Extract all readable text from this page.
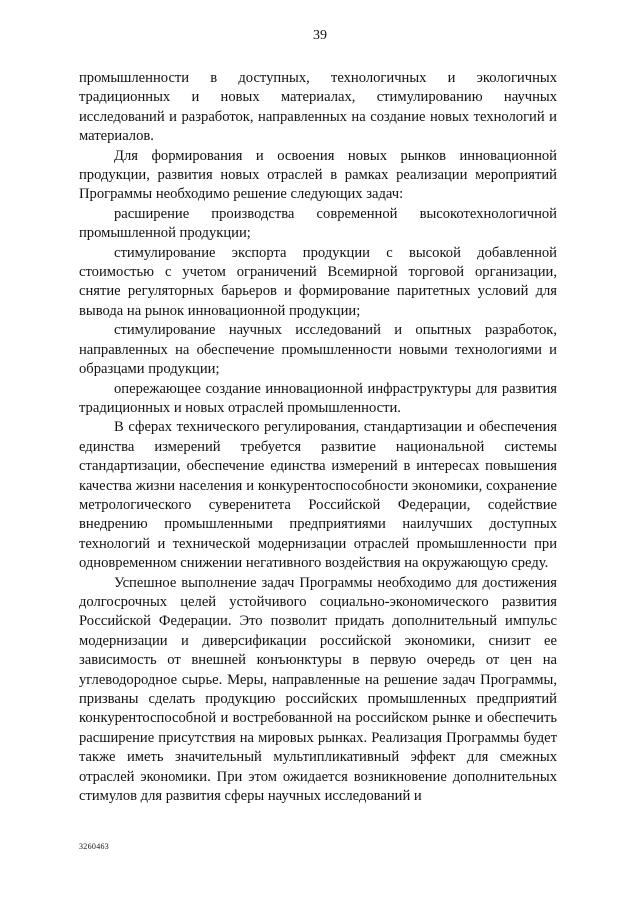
39

промышленности в доступных, технологичных и экологичных традиционных и новых материалах, стимулированию научных исследований и разработок, направленных на создание новых технологий и материалов.

Для формирования и освоения новых рынков инновационной продукции, развития новых отраслей в рамках реализации мероприятий Программы необходимо решение следующих задач:

расширение производства современной высокотехнологичной промышленной продукции;

стимулирование экспорта продукции с высокой добавленной стоимостью с учетом ограничений Всемирной торговой организации, снятие регуляторных барьеров и формирование паритетных условий для вывода на рынок инновационной продукции;

стимулирование научных исследований и опытных разработок, направленных на обеспечение промышленности новыми технологиями и образцами продукции;

опережающее создание инновационной инфраструктуры для развития традиционных и новых отраслей промышленности.

В сферах технического регулирования, стандартизации и обеспечения единства измерений требуется развитие национальной системы стандартизации, обеспечение единства измерений в интересах повышения качества жизни населения и конкурентоспособности экономики, сохранение метрологического суверенитета Российской Федерации, содействие внедрению промышленными предприятиями наилучших доступных технологий и технической модернизации отраслей промышленности при одновременном снижении негативного воздействия на окружающую среду.

Успешное выполнение задач Программы необходимо для достижения долгосрочных целей устойчивого социально-экономического развития Российской Федерации. Это позволит придать дополнительный импульс модернизации и диверсификации российской экономики, снизит ее зависимость от внешней конъюнктуры в первую очередь от цен на углеводородное сырье. Меры, направленные на решение задач Программы, призваны сделать продукцию российских промышленных предприятий конкурентоспособной и востребованной на российском рынке и обеспечить расширение присутствия на мировых рынках. Реализация Программы будет также иметь значительный мультипликативный эффект для смежных отраслей экономики. При этом ожидается возникновение дополнительных стимулов для развития сферы научных исследований и

3260463
